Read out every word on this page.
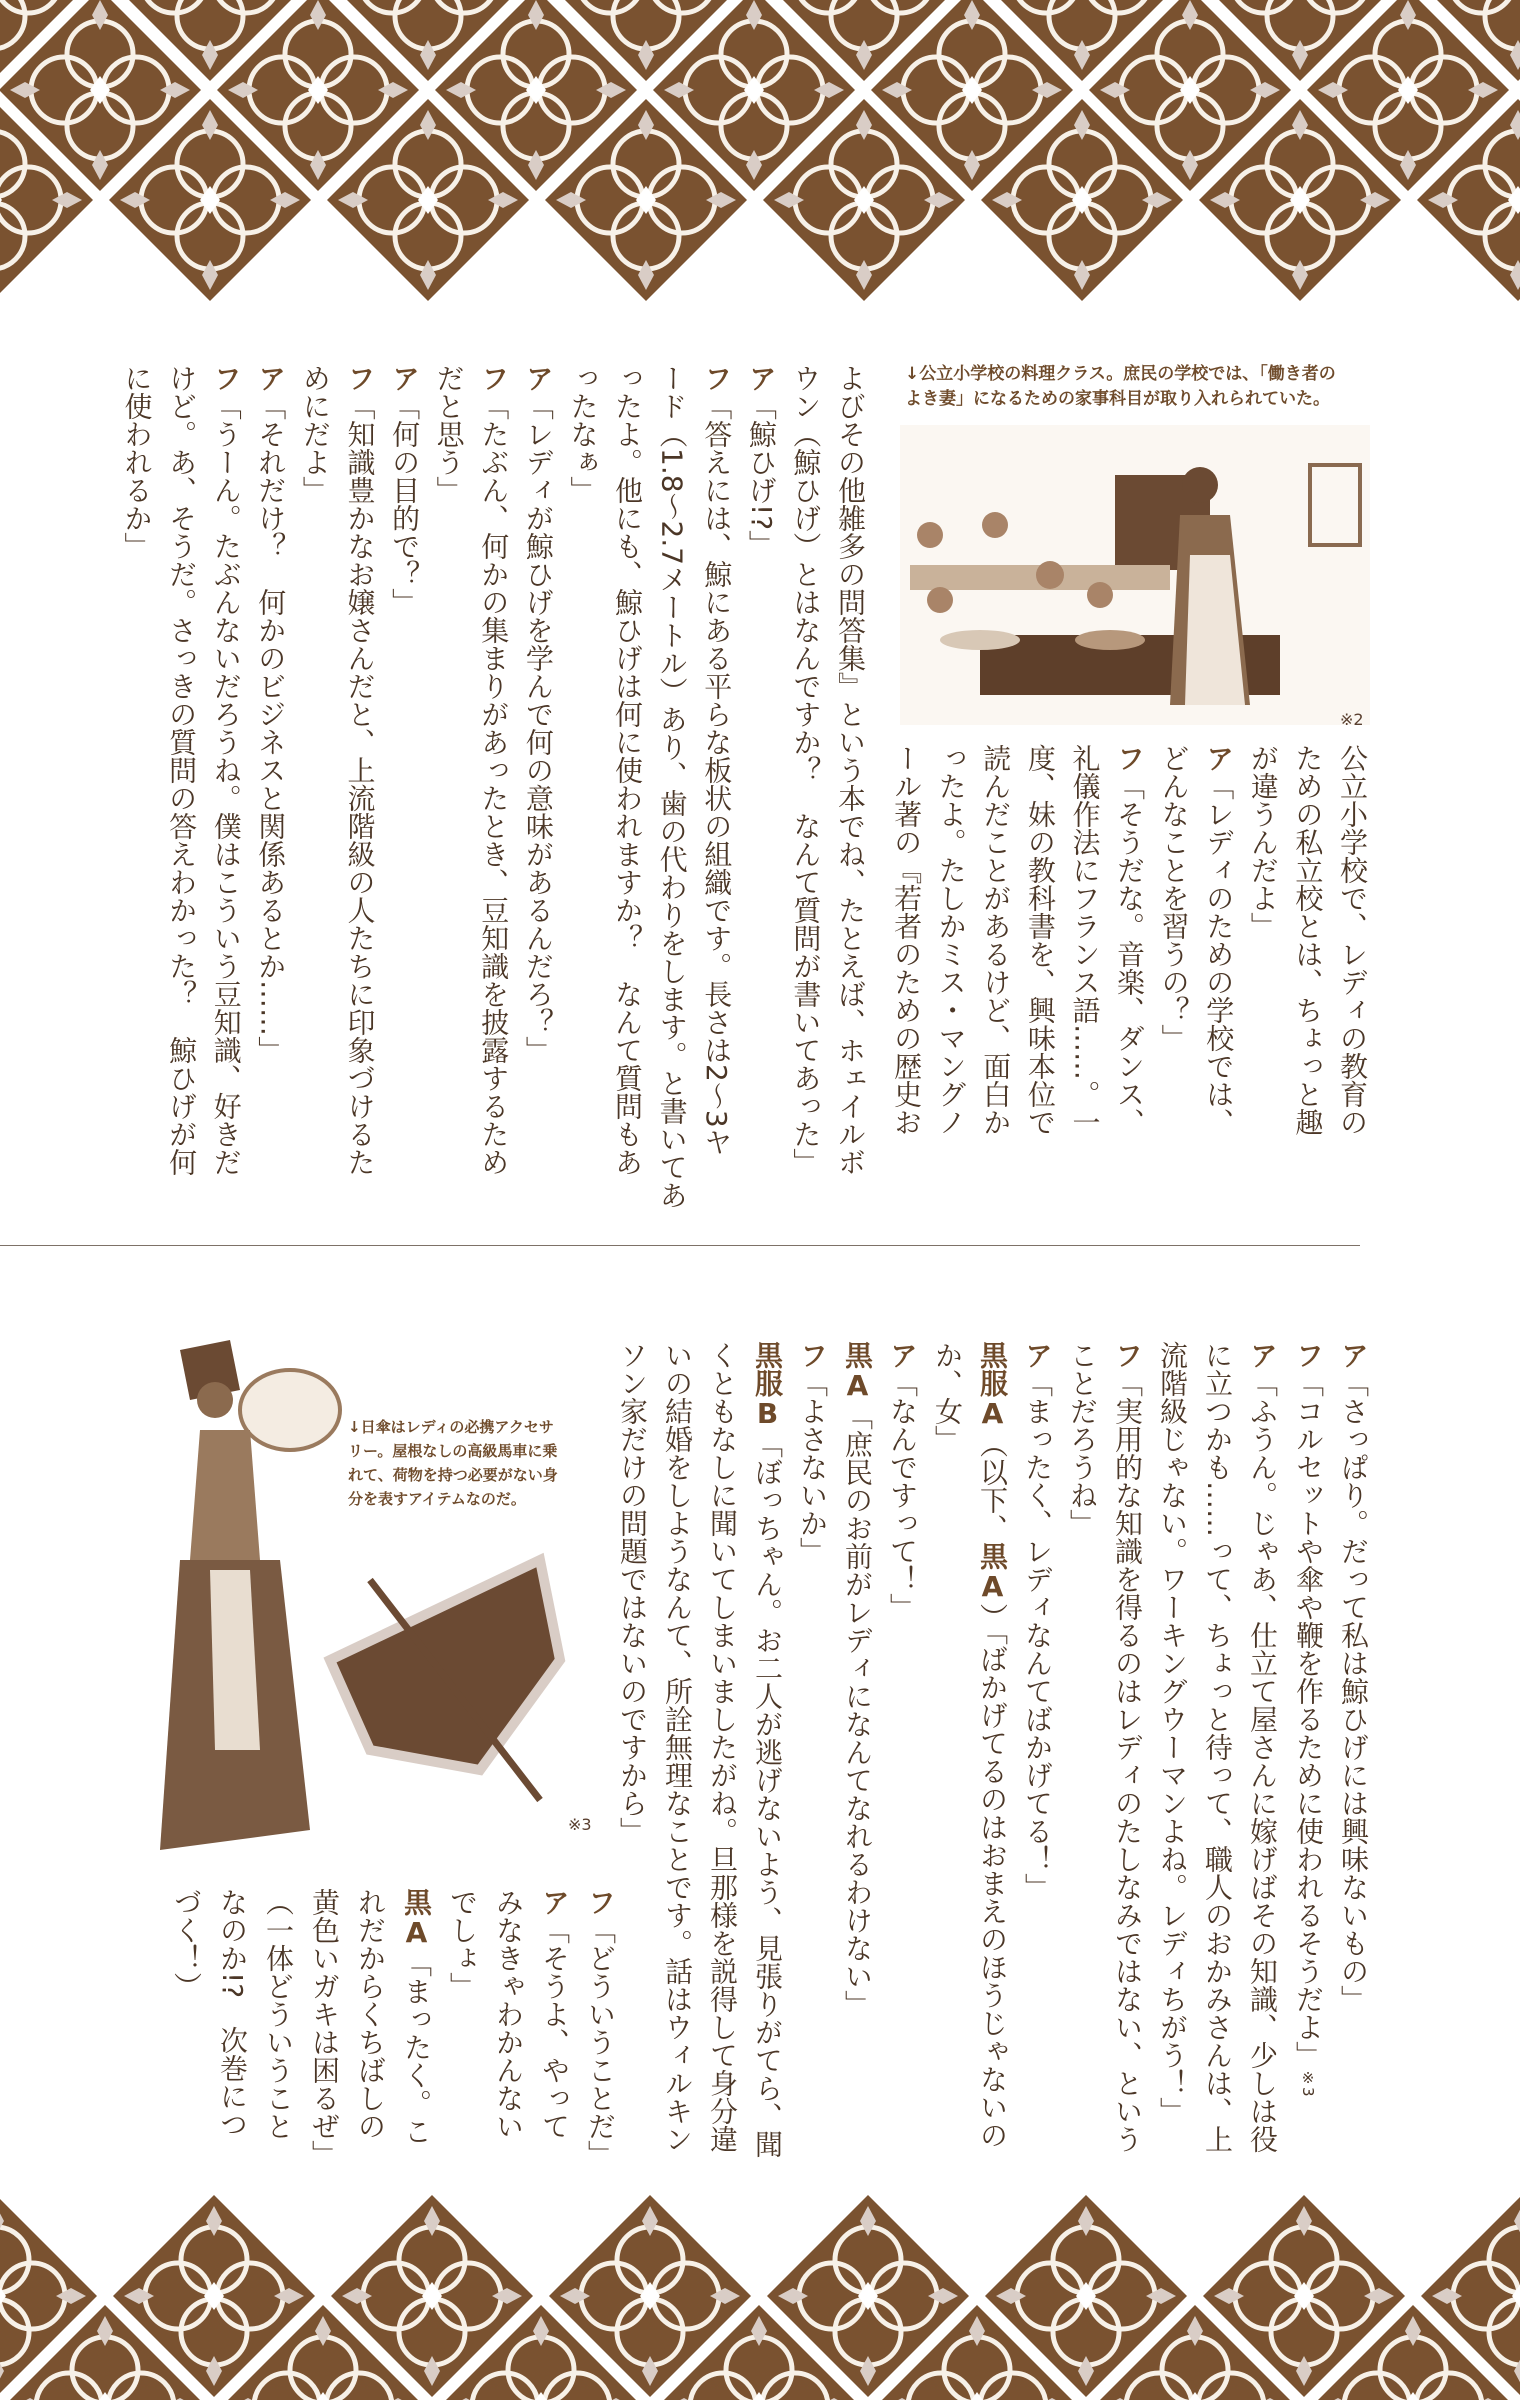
↓公立小学校の料理クラス。庶民の学校では、「働き者の
よき妻」になるための家事科目が取り入れられていた。
※2
公立小学校で、レディの教育の
ための私立校とは、ちょっと趣
が違うんだよ」
ア「レディのための学校では、
どんなことを習うの？」
フ「そうだな。音楽、ダンス、
礼儀作法にフランス語……。一
度、妹の教科書を、興味本位で
読んだことがあるけど、面白か
ったよ。たしかミス・マングノ
ール著の『若者のための歴史お
よびその他雑多の問答集』という本でね、たとえば、ホェイルボ
ウン（鯨ひげ）とはなんですか？　なんて質問が書いてあった」
ア「鯨ひげ!?」
フ「答えには、鯨にある平らな板状の組織です。長さは2〜3ヤ
ード（1.8〜2.7メートル）あり、歯の代わりをします。と書いてあ
ったよ。他にも、鯨ひげは何に使われますか？　なんて質問もあ
ったなぁ」
ア「レディが鯨ひげを学んで何の意味があるんだろ？」
フ「たぶん、何かの集まりがあったとき、豆知識を披露するため
だと思う」
ア「何の目的で？」
フ「知識豊かなお嬢さんだと、上流階級の人たちに印象づけるた
めにだよ」
ア「それだけ？　何かのビジネスと関係あるとか……」
フ「うーん。たぶんないだろうね。僕はこういう豆知識、好きだ
けど。あ、そうだ。さっきの質問の答えわかった？　鯨ひげが何
に使われるか」
↓日傘はレディの必携アクセサ
リー。屋根なしの高級馬車に乗
れて、荷物を持つ必要がない身
分を表すアイテムなのだ。
※3
ア「さっぱり。だって私は鯨ひげには興味ないもの」
フ「コルセットや傘や鞭を作るために使われるそうだよ」※3
ア「ふうん。じゃあ、仕立て屋さんに嫁げばその知識、少しは役
に立つかも……って、ちょっと待って、職人のおかみさんは、上
流階級じゃない。ワーキングウーマンよね。レディちがう！」
フ「実用的な知識を得るのはレディのたしなみではない、という
ことだろうね」
ア「まったく、レディなんてばかげてる！」
黒服A（以下、黒A）「ばかげてるのはおまえのほうじゃないの
か、女」
ア「なんですって！」
黒A「庶民のお前がレディになんてなれるわけない」
フ「よさないか」
黒服B「ぼっちゃん。お二人が逃げないよう、見張りがてら、聞
くともなしに聞いてしまいましたがね。旦那様を説得して身分違
いの結婚をしようなんて、所詮無理なことです。話はウィルキン
ソン家だけの問題ではないのですから」
フ「どういうことだ」
ア「そうよ、やって
みなきゃわかんない
でしょ」
黒A「まったく。こ
れだからくちばしの
黄色いガキは困るぜ」
（一体どういうこと
なのか!?　次巻につ
づく！）
